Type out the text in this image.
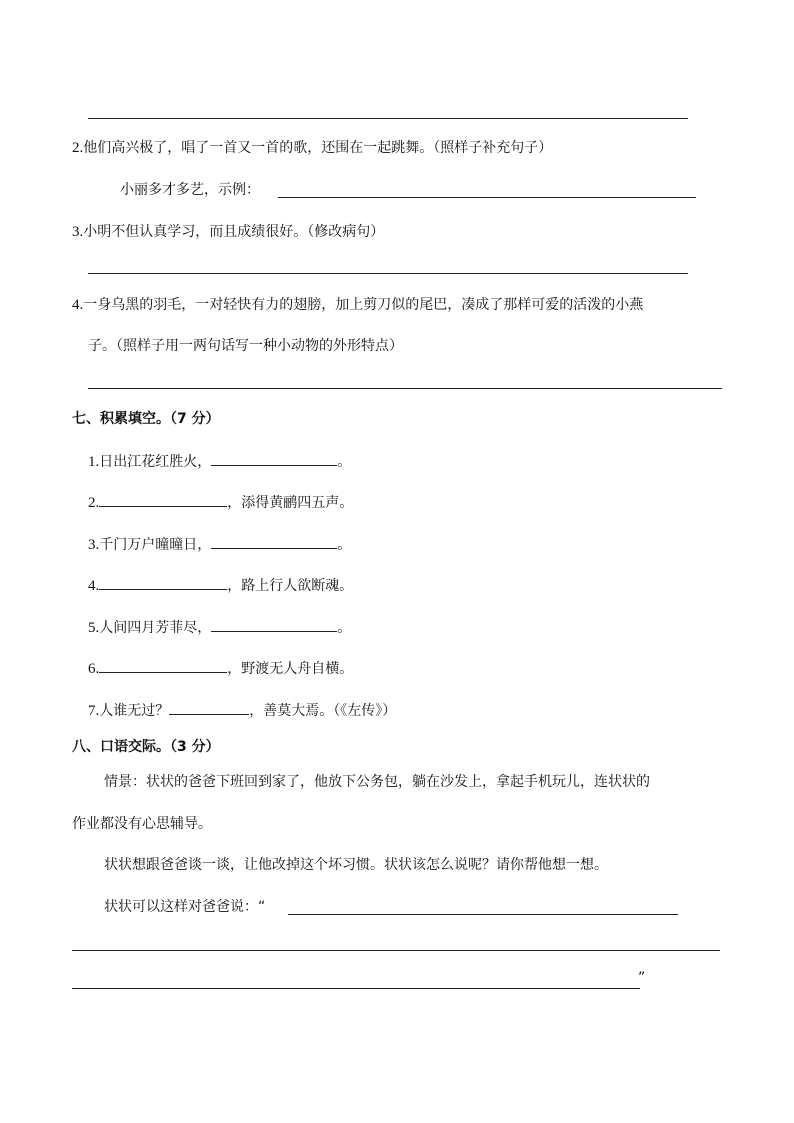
2.他们高兴极了，唱了一首又一首的歌，还围在一起跳舞。（照样子补充句子）
小丽多才多艺，示例：
3.小明不但认真学习，而且成绩很好。（修改病句）
4.一身乌黑的羽毛，一对轻快有力的翅膀，加上剪刀似的尾巴，凑成了那样可爱的活泼的小燕
子。（照样子用一两句话写一种小动物的外形特点）
七、积累填空。（7 分）
1.日出江花红胜火，	。
2.	，添得黄鹂四五声。
3.千门万户曈曈日，	。
4.	，路上行人欲断魂。
5.人间四月芳菲尽，	。
6.	，野渡无人舟自横。
7.人谁无过？	，善莫大焉。（《左传》）
八、口语交际。（3 分）
情景：状状的爸爸下班回到家了，他放下公务包，躺在沙发上，拿起手机玩儿，连状状的
作业都没有心思辅导。
状状想跟爸爸谈一谈，让他改掉这个坏习惯。状状该怎么说呢？请你帮他想一想。
状状可以这样对爸爸说：“
”
